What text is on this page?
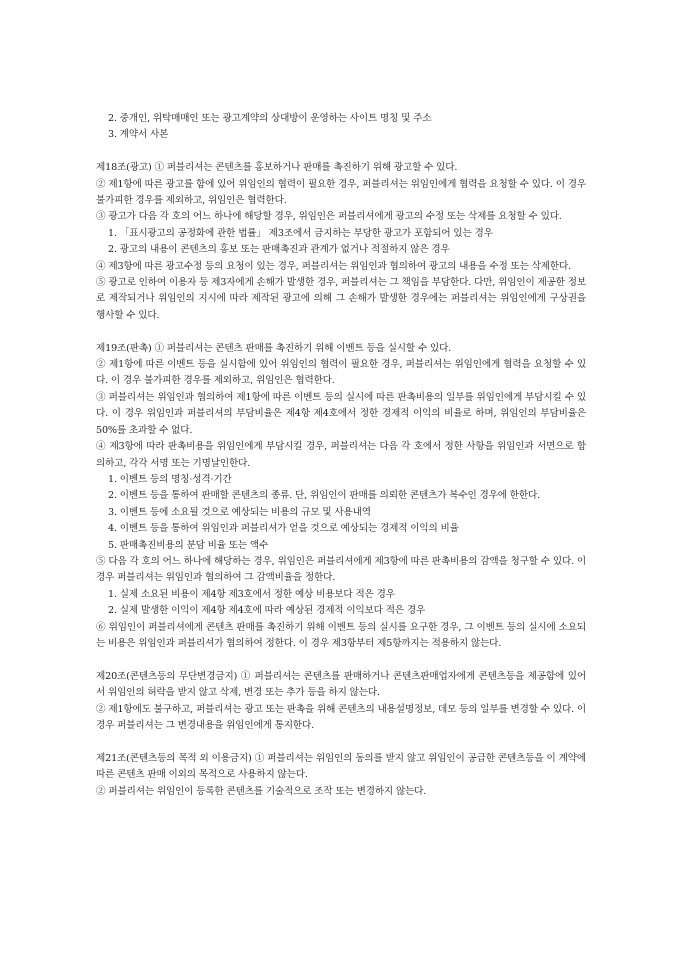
2. 중개인, 위탁매매인 또는 광고계약의 상대방이 운영하는 사이트 명칭 및 주소
3. 계약서 사본
제18조(광고) ① 퍼블리셔는 콘텐츠를 홍보하거나 판매를 촉진하기 위해 광고할 수 있다.
② 제1항에 따른 광고를 함에 있어 위임인의 협력이 필요한 경우, 퍼블리셔는 위임인에게 협력을 요청할 수 있다. 이 경우 불가피한 경우를 제외하고, 위임인은 협력한다.
③ 광고가 다음 각 호의 어느 하나에 해당할 경우, 위임인은 퍼블리셔에게 광고의 수정 또는 삭제를 요청할 수 있다.
1. 「표시광고의 공정화에 관한 법률」 제3조에서 금지하는 부당한 광고가 포함되어 있는 경우
2. 광고의 내용이 콘텐츠의 홍보 또는 판매촉진과 관계가 없거나 적절하지 않은 경우
④ 제3항에 따른 광고수정 등의 요청이 있는 경우, 퍼블리셔는 위임인과 협의하여 광고의 내용을 수정 또는 삭제한다.
⑤ 광고로 인하여 이용자 등 제3자에게 손해가 발생한 경우, 퍼블리셔는 그 책임을 부담한다. 다만, 위임인이 제공한 정보로 제작되거나 위임인의 지시에 따라 제작된 광고에 의해 그 손해가 발생한 경우에는 퍼블리셔는 위임인에게 구상권을 행사할 수 있다.
제19조(판촉) ① 퍼블리셔는 콘텐츠 판매를 촉진하기 위해 이벤트 등을 실시할 수 있다.
② 제1항에 따른 이벤트 등을 실시함에 있어 위임인의 협력이 필요한 경우, 퍼블리셔는 위임인에게 협력을 요청할 수 있다. 이 경우 불가피한 경우를 제외하고, 위임인은 협력한다.
③ 퍼블리셔는 위임인과 협의하여 제1항에 따른 이벤트 등의 실시에 따른 판촉비용의 일부를 위임인에게 부담시킬 수 있다. 이 경우 위임인과 퍼블리셔의 부담비율은 제4항 제4호에서 정한 경제적 이익의 비율로 하며, 위임인의 부담비율은 50%를 초과할 수 없다.
④ 제3항에 따라 판촉비용을 위임인에게 부담시킬 경우, 퍼블리셔는 다음 각 호에서 정한 사항을 위임인과 서면으로 합의하고, 각각 서명 또는 기명날인한다.
1. 이벤트 등의 명칭·성격·기간
2. 이벤트 등을 통하여 판매할 콘텐츠의 종류. 단, 위임인이 판매를 의뢰한 콘텐츠가 복수인 경우에 한한다.
3. 이벤트 등에 소요될 것으로 예상되는 비용의 규모 및 사용내역
4. 이벤트 등을 통하여 위임인과 퍼블리셔가 얻을 것으로 예상되는 경제적 이익의 비율
5. 판매촉진비용의 분담 비율 또는 액수
⑤ 다음 각 호의 어느 하나에 해당하는 경우, 위임인은 퍼블리셔에게 제3항에 따른 판촉비용의 감액을 청구할 수 있다. 이 경우 퍼블리셔는 위임인과 협의하여 그 감액비율을 정한다.
1. 실제 소요된 비용이 제4항 제3호에서 정한 예상 비용보다 적은 경우
2. 실제 발생한 이익이 제4항 제4호에 따라 예상된 경제적 이익보다 적은 경우
⑥ 위임인이 퍼블리셔에게 콘텐츠 판매를 촉진하기 위해 이벤트 등의 실시를 요구한 경우, 그 이벤트 등의 실시에 소요되는 비용은 위임인과 퍼블리셔가 협의하여 정한다. 이 경우 제3항부터 제5항까지는 적용하지 않는다.
제20조(콘텐츠등의 무단변경금지) ① 퍼블리셔는 콘텐츠를 판매하거나 콘텐츠판매업자에게 콘텐츠등을 제공함에 있어서 위임인의 허락을 받지 않고 삭제, 변경 또는 추가 등을 하지 않는다.
② 제1항에도 불구하고, 퍼블리셔는 광고 또는 판촉을 위해 콘텐츠의 내용설명정보, 데모 등의 일부를 변경할 수 있다. 이 경우 퍼블리셔는 그 변경내용을 위임인에게 통지한다.
제21조(콘텐츠등의 목적 외 이용금지) ① 퍼블리셔는 위임인의 동의를 받지 않고 위임인이 공급한 콘텐츠등을 이 계약에 따른 콘텐츠 판매 이외의 목적으로 사용하지 않는다.
② 퍼블리셔는 위임인이 등록한 콘텐츠를 기술적으로 조작 또는 변경하지 않는다.
